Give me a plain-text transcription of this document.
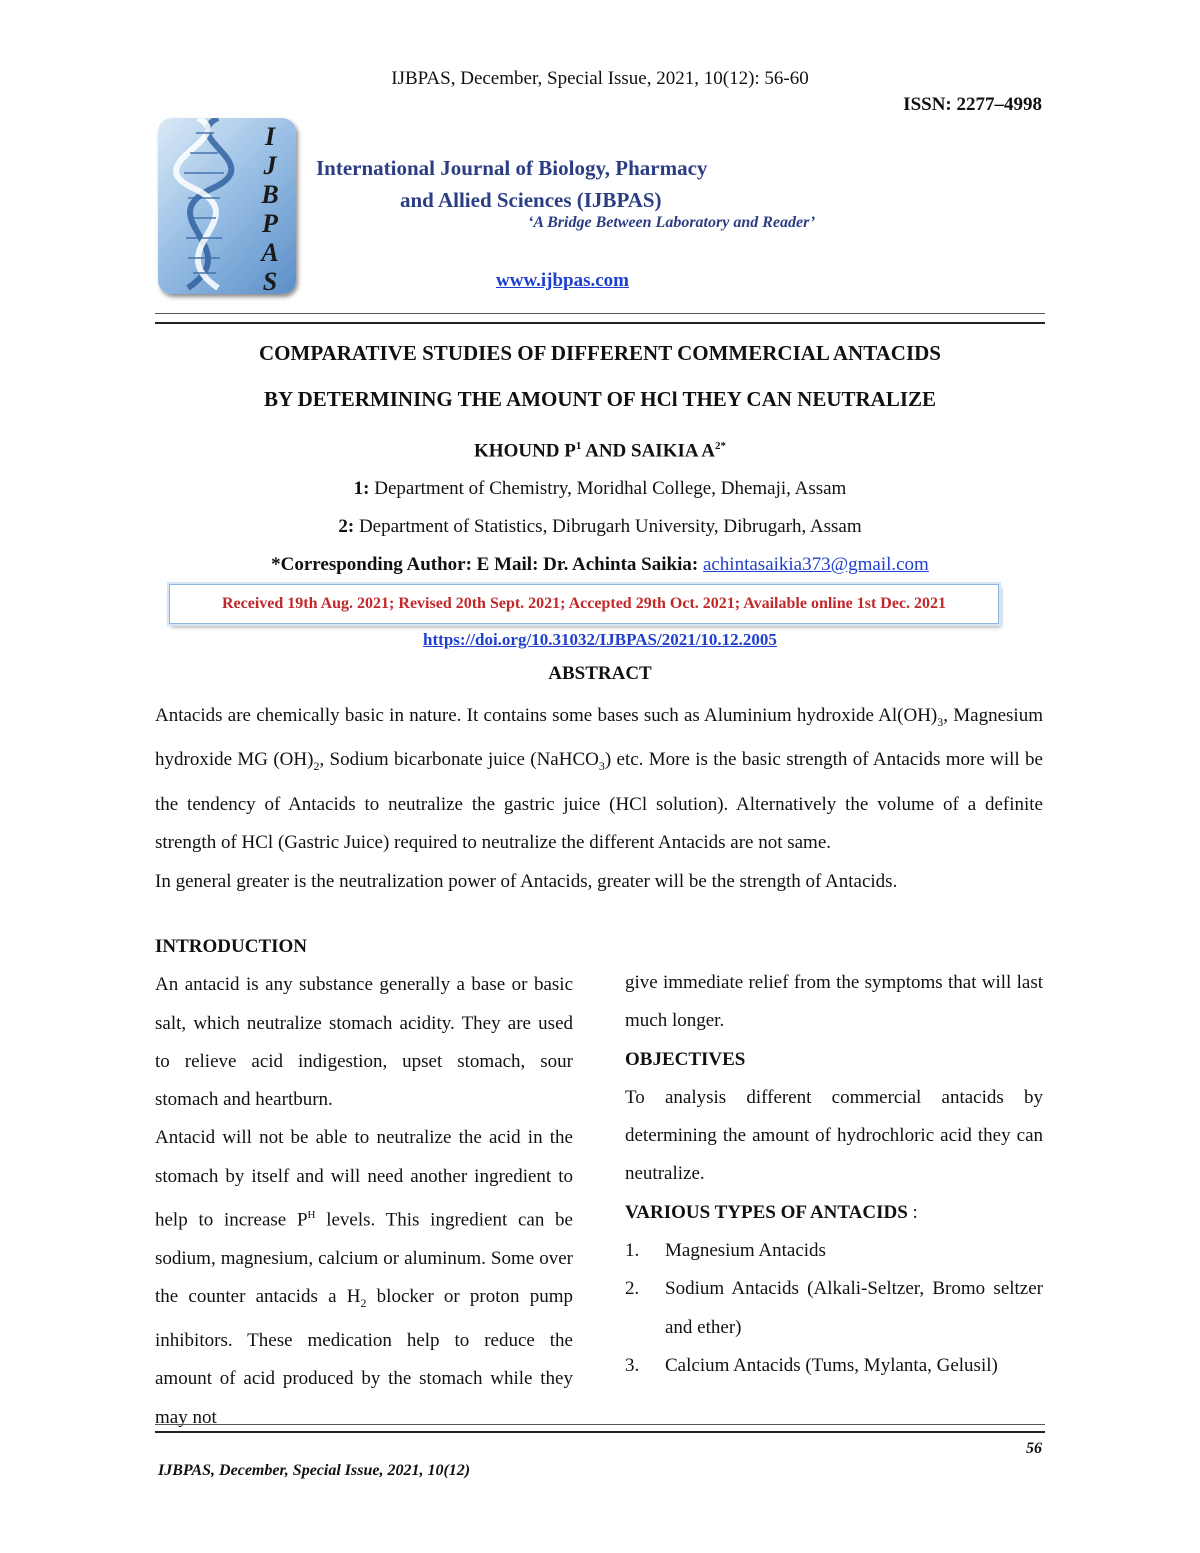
IJBPAS, December, Special Issue, 2021, 10(12): 56-60
ISSN: 2277–4998
I
J
B
P
A
S
International Journal of Biology, Pharmacy
and Allied Sciences (IJBPAS)
‘A Bridge Between Laboratory and Reader’
www.ijbpas.com
COMPARATIVE STUDIES OF DIFFERENT COMMERCIAL ANTACIDS
BY DETERMINING THE AMOUNT OF HCl THEY CAN NEUTRALIZE
KHOUND $P^1$ AND SAIKIA $A^{2*}$
1: Department of Chemistry, Moridhal College, Dhemaji, Assam
2: Department of Statistics, Dibrugarh University, Dibrugarh, Assam
*Corresponding Author: E Mail: Dr. Achinta Saikia: achintasaikia373@gmail.com
Received 19th Aug. 2021; Revised 20th Sept. 2021; Accepted 29th Oct. 2021; Available online 1st Dec. 2021
https://doi.org/10.31032/IJBPAS/2021/10.12.2005
ABSTRACT

Antacids are chemically basic in nature. It contains some bases such as Aluminium hydroxide $Al(OH)_3$, Magnesium hydroxide MG $(OH)_2$, Sodium bicarbonate juice (NaHCO$_3$) etc. More is the basic strength of Antacids more will be the tendency of Antacids to neutralize the gastric juice (HCl solution). Alternatively the volume of a definite strength of HCl (Gastric Juice) required to neutralize the different Antacids are not same.

In general greater is the neutralization power of Antacids, greater will be the strength of Antacids.

INTRODUCTION

An antacid is any substance generally a base or basic salt, which neutralize stomach acidity. They are used to relieve acid indigestion, upset stomach, sour stomach and heartburn.

Antacid will not be able to neutralize the acid in the stomach by itself and will need another ingredient to help to increase $P^H$ levels. This ingredient can be sodium, magnesium, calcium or aluminum. Some over the counter antacids a $H_2$ blocker or proton pump inhibitors. These medication help to reduce the amount of acid produced by the stomach while they may not

give immediate relief from the symptoms that will last much longer.

OBJECTIVES

To analysis different commercial antacids by determining the amount of hydrochloric acid they can neutralize.

VARIOUS TYPES OF ANTACIDS :
1.	Magnesium Antacids
2.	Sodium Antacids (Alkali-Seltzer, Bromo seltzer and ether)
3.	Calcium Antacids (Tums, Mylanta, Gelusil)
56
IJBPAS, December, Special Issue, 2021, 10(12)
